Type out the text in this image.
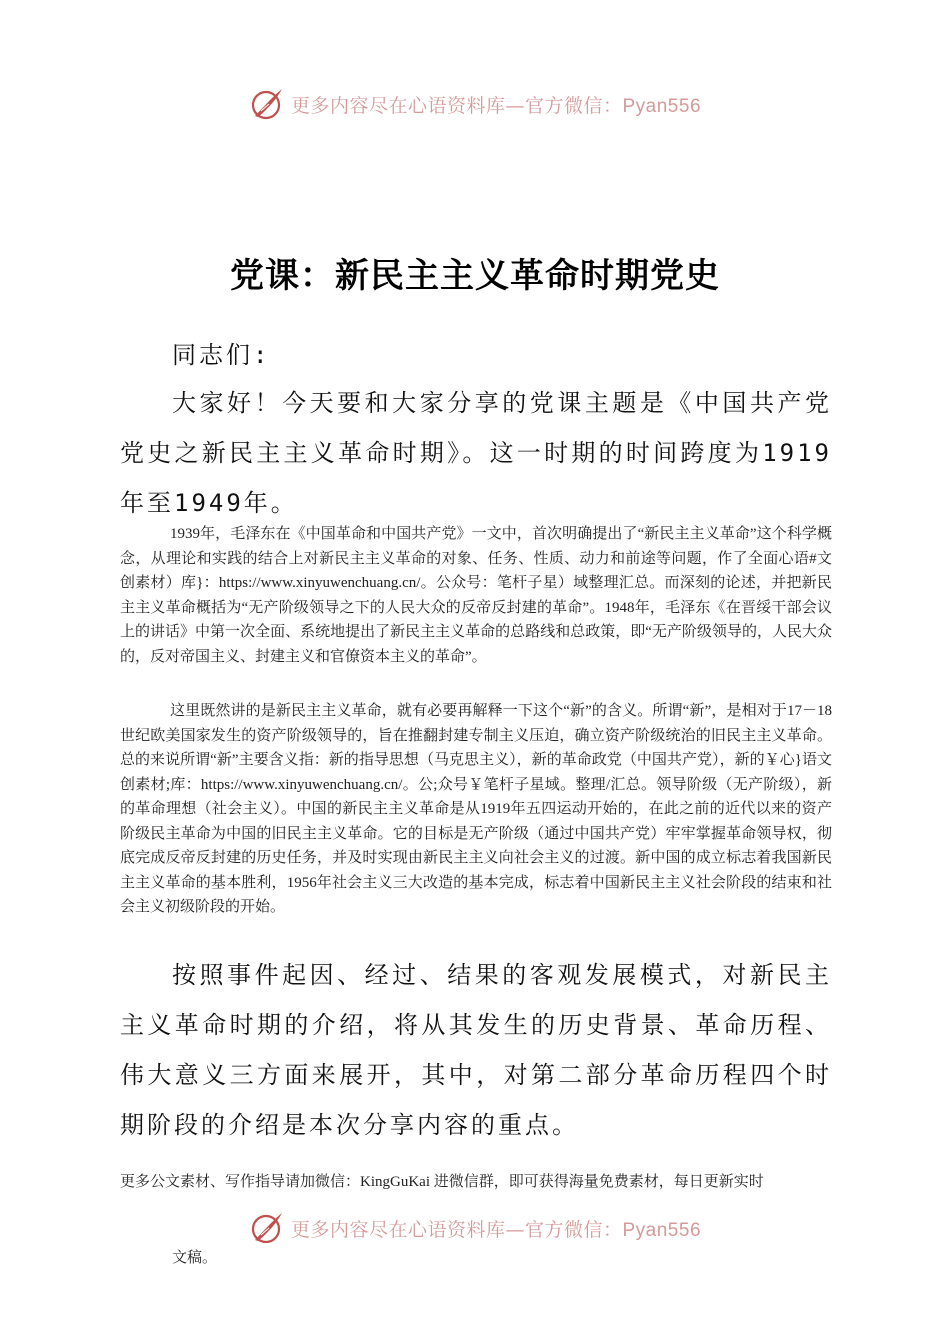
更多内容尽在心语资料库—官方微信：Pyan556
党课：新民主主义革命时期党史
同志们:
大家好！今天要和大家分享的党课主题是《中国共产党党史之新民主主义革命时期》。这一时期的时间跨度为1919年至1949年。
1939年，毛泽东在《中国革命和中国共产党》一文中，首次明确提出了“新民主主义革命”这个科学概念，从理论和实践的结合上对新民主主义革命的对象、任务、性质、动力和前途等问题，作了全面心语#文创素材）库}：https://www.xinyuwenchuang.cn/。公众号：笔杆子星）域整理汇总。而深刻的论述，并把新民主主义革命概括为“无产阶级领导之下的人民大众的反帝反封建的革命”。1948年，毛泽东《在晋绥干部会议上的讲话》中第一次全面、系统地提出了新民主主义革命的总路线和总政策，即“无产阶级领导的，人民大众的，反对帝国主义、封建主义和官僚资本主义的革命”。
这里既然讲的是新民主主义革命，就有必要再解释一下这个“新”的含义。所谓“新”，是相对于17－18世纪欧美国家发生的资产阶级领导的，旨在推翻封建专制主义压迫，确立资产阶级统治的旧民主主义革命。总的来说所谓“新”主要含义指：新的指导思想（马克思主义），新的革命政党（中国共产党），新的￥心}语文创素材;库：https://www.xinyuwenchuang.cn/。公;众号￥笔杆子星域。整理/汇总。领导阶级（无产阶级），新的革命理想（社会主义）。中国的新民主主义革命是从1919年五四运动开始的，在此之前的近代以来的资产阶级民主革命为中国的旧民主主义革命。它的目标是无产阶级（通过中国共产党）牢牢掌握革命领导权，彻底完成反帝反封建的历史任务，并及时实现由新民主主义向社会主义的过渡。新中国的成立标志着我国新民主主义革命的基本胜利，1956年社会主义三大改造的基本完成，标志着中国新民主主义社会阶段的结束和社会主义初级阶段的开始。
按照事件起因、经过、结果的客观发展模式，对新民主主义革命时期的介绍，将从其发生的历史背景、革命历程、伟大意义三方面来展开，其中，对第二部分革命历程四个时期阶段的介绍是本次分享内容的重点。
更多公文素材、写作指导请加微信：KingGuKai 进微信群，即可获得海量免费素材，每日更新实时
更多内容尽在心语资料库—官方微信：Pyan556
文稿。
